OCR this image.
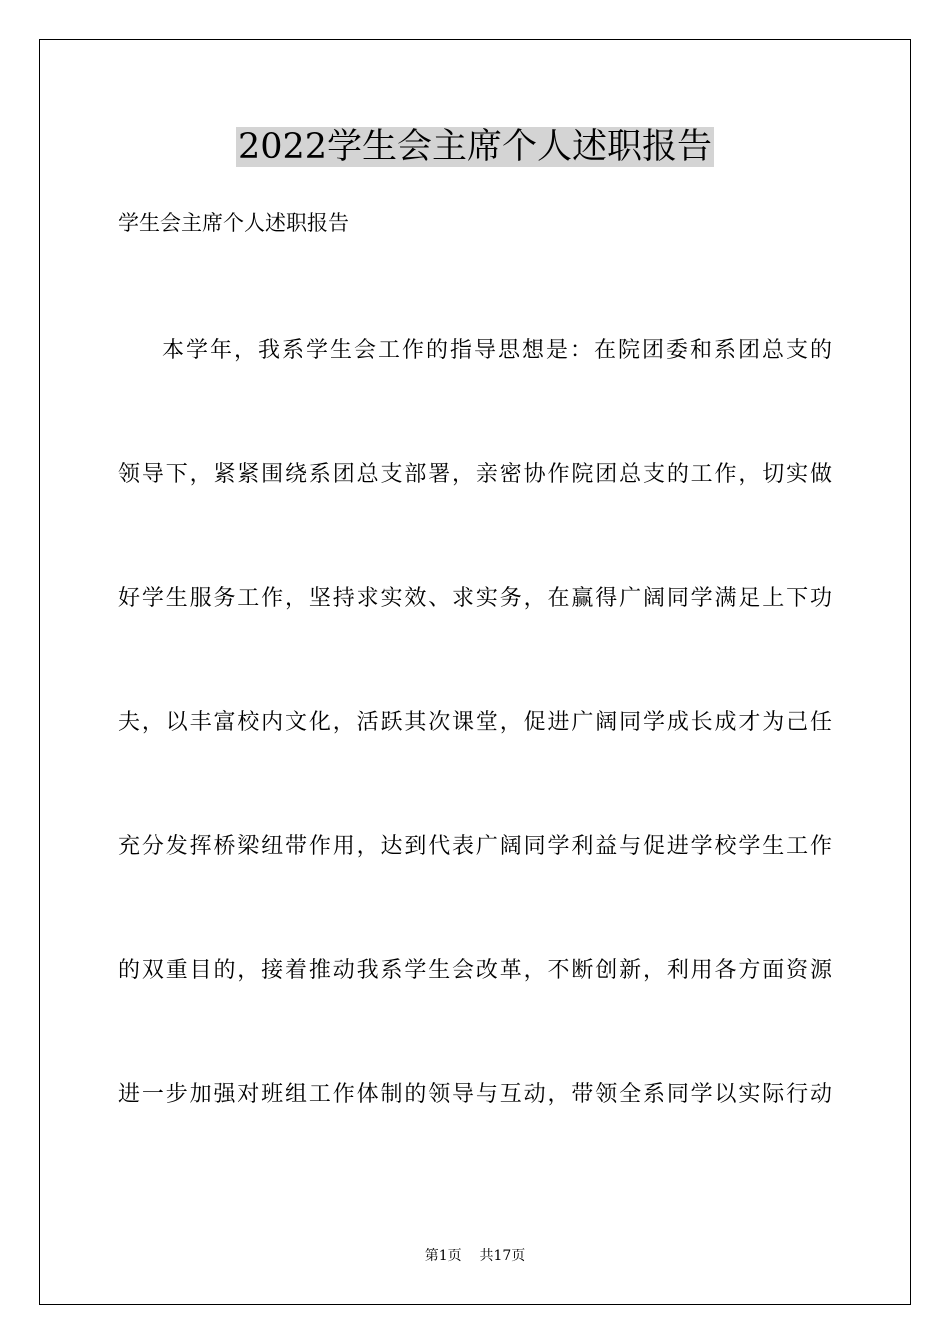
2022学生会主席个人述职报告
学生会主席个人述职报告
本学年，我系学生会工作的指导思想是：在院团委和系团总支的
领导下，紧紧围绕系团总支部署，亲密协作院团总支的工作，切实做
好学生服务工作，坚持求实效、求实务，在赢得广阔同学满足上下功
夫，以丰富校内文化，活跃其次课堂，促进广阔同学成长成才为己任
充分发挥桥梁纽带作用，达到代表广阔同学利益与促进学校学生工作
的双重目的，接着推动我系学生会改革，不断创新，利用各方面资源
进一步加强对班组工作体制的领导与互动，带领全系同学以实际行动
第1页    共17页
